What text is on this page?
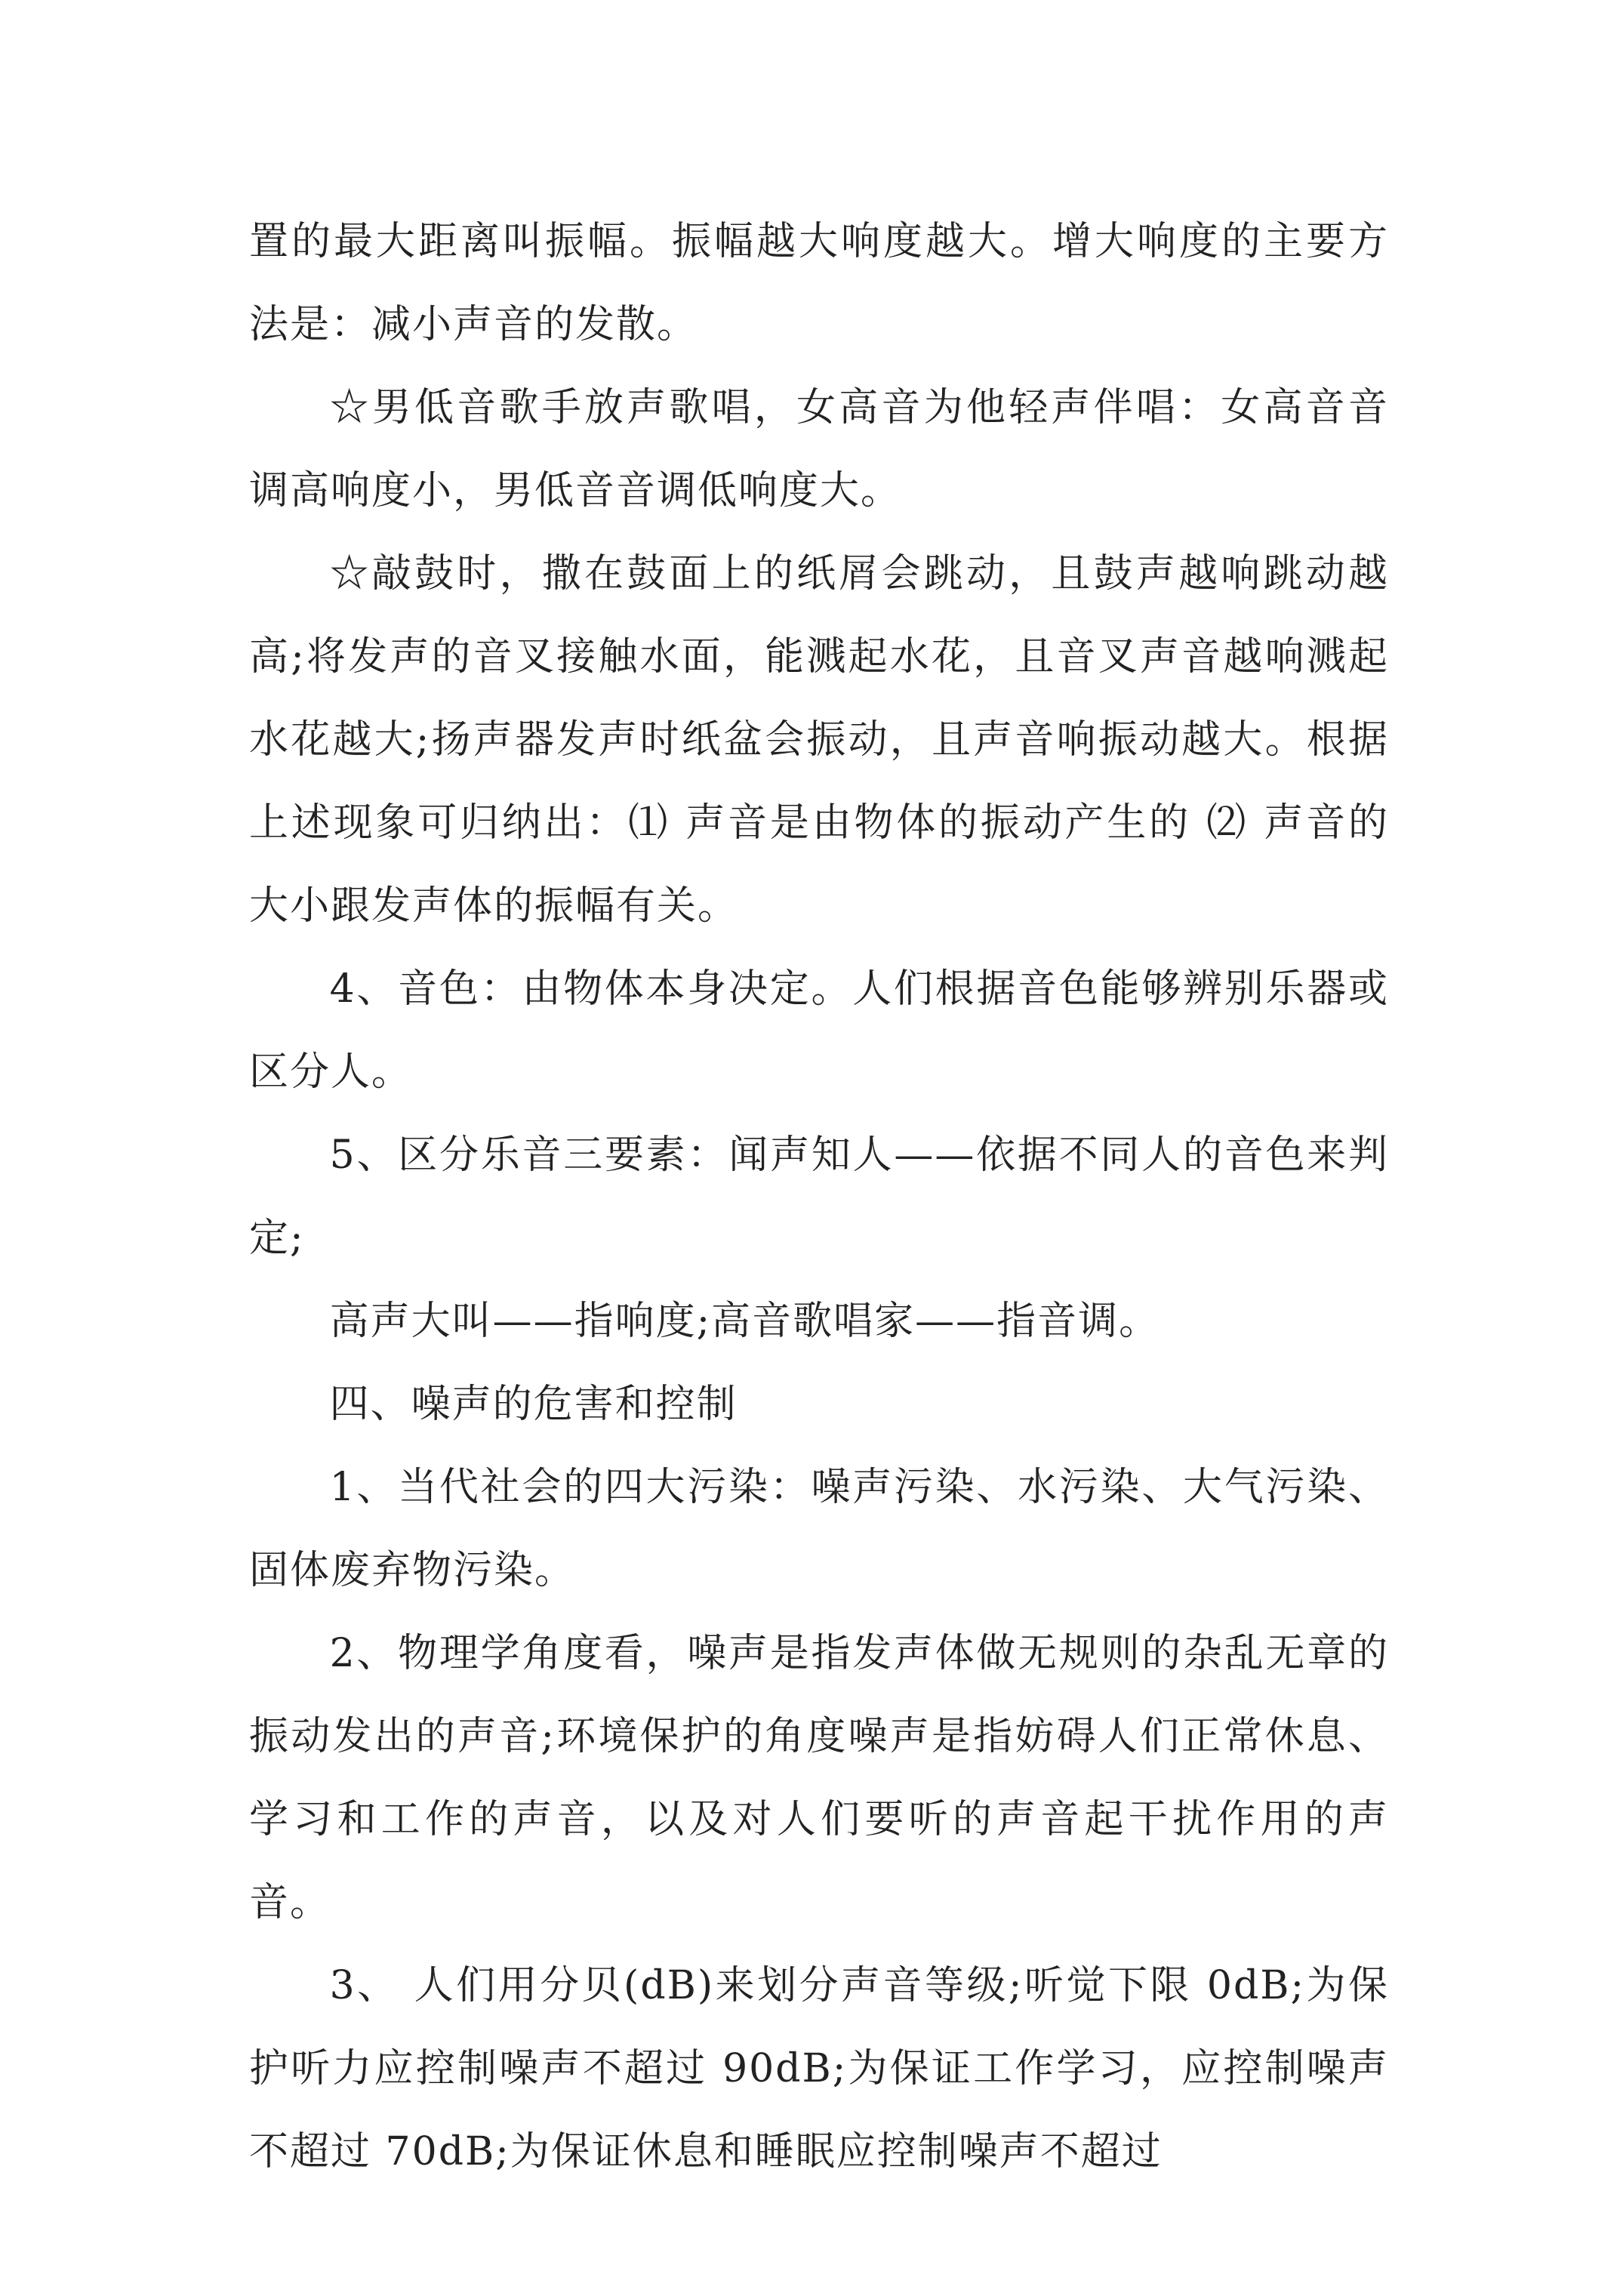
置的最大距离叫振幅。振幅越大响度越大。增大响度的主要方法是：减小声音的发散。

☆男低音歌手放声歌唱，女高音为他轻声伴唱：女高音音调高响度小，男低音音调低响度大。

☆敲鼓时，撒在鼓面上的纸屑会跳动，且鼓声越响跳动越高;将发声的音叉接触水面，能溅起水花，且音叉声音越响溅起水花越大;扬声器发声时纸盆会振动，且声音响振动越大。根据上述现象可归纳出：⑴ 声音是由物体的振动产生的 ⑵ 声音的大小跟发声体的振幅有关。

4、音色：由物体本身决定。人们根据音色能够辨别乐器或区分人。

5、区分乐音三要素：闻声知人——依据不同人的音色来判定;

高声大叫——指响度;高音歌唱家——指音调。

四、噪声的危害和控制

1、当代社会的四大污染：噪声污染、水污染、大气污染、固体废弃物污染。

2、物理学角度看，噪声是指发声体做无规则的杂乱无章的振动发出的声音;环境保护的角度噪声是指妨碍人们正常休息、学习和工作的声音，以及对人们要听的声音起干扰作用的声音。

3、 人们用分贝(dB)来划分声音等级;听觉下限 0dB;为保护听力应控制噪声不超过 90dB;为保证工作学习，应控制噪声不超过 70dB;为保证休息和睡眠应控制噪声不超过
